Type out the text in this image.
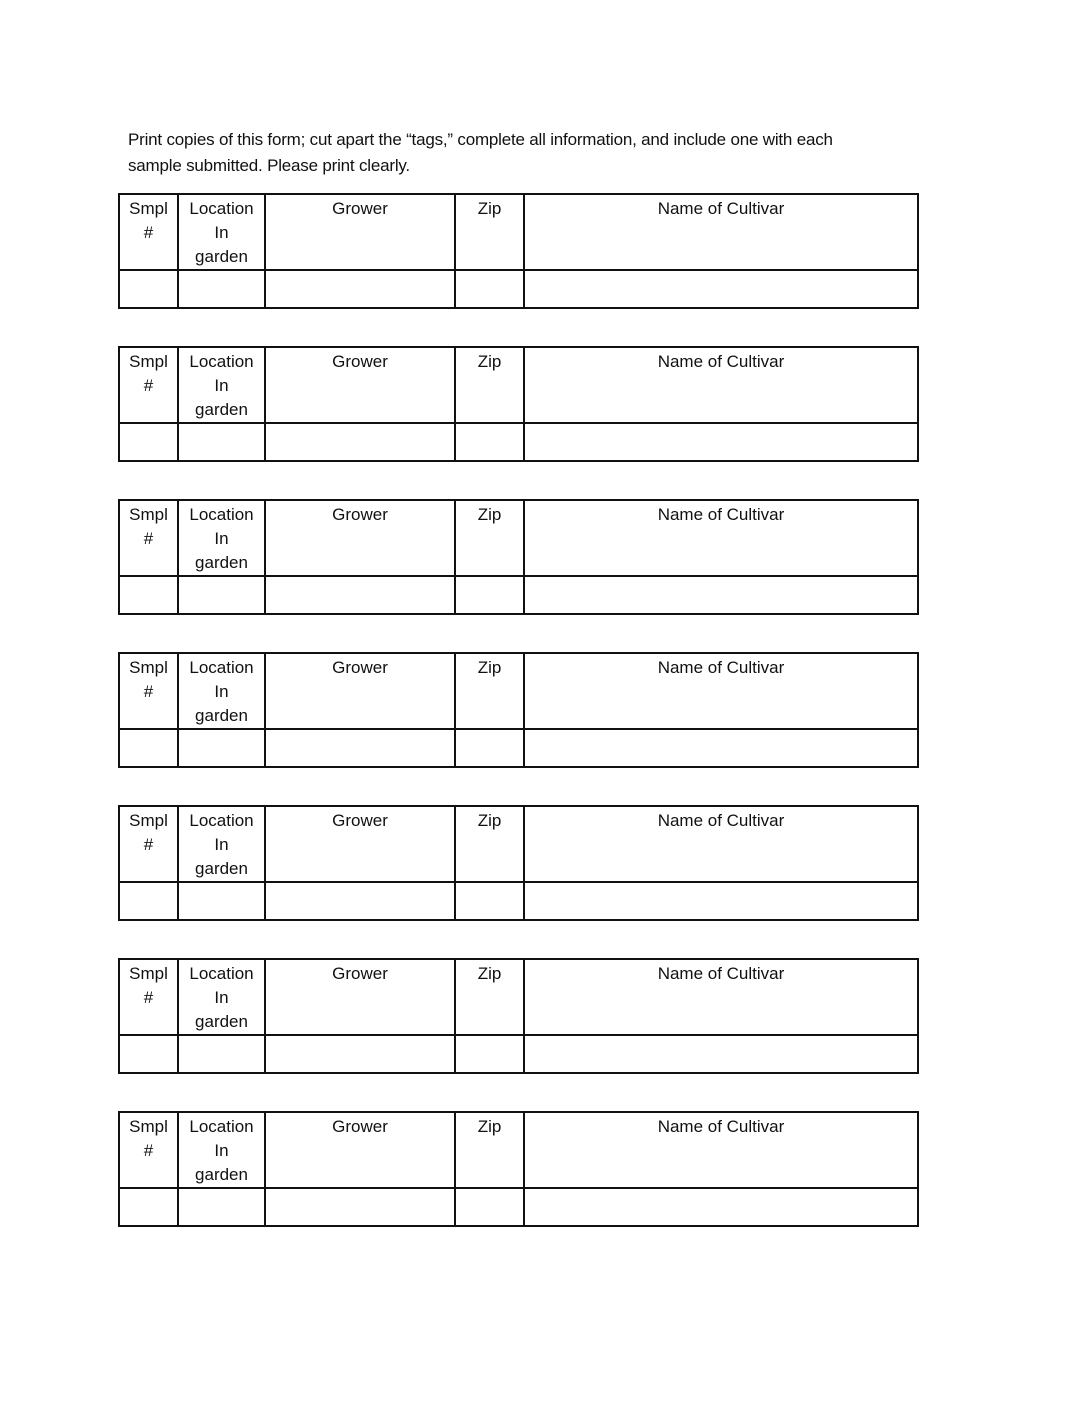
Print copies of this form; cut apart the “tags,” complete all information, and include one with each
sample submitted. Please print clearly.
Smpl
#	Location
In
garden	Grower	Zip	Name of Cultivar

Smpl
#	Location
In
garden	Grower	Zip	Name of Cultivar

Smpl
#	Location
In
garden	Grower	Zip	Name of Cultivar

Smpl
#	Location
In
garden	Grower	Zip	Name of Cultivar

Smpl
#	Location
In
garden	Grower	Zip	Name of Cultivar

Smpl
#	Location
In
garden	Grower	Zip	Name of Cultivar

Smpl
#	Location
In
garden	Grower	Zip	Name of Cultivar
